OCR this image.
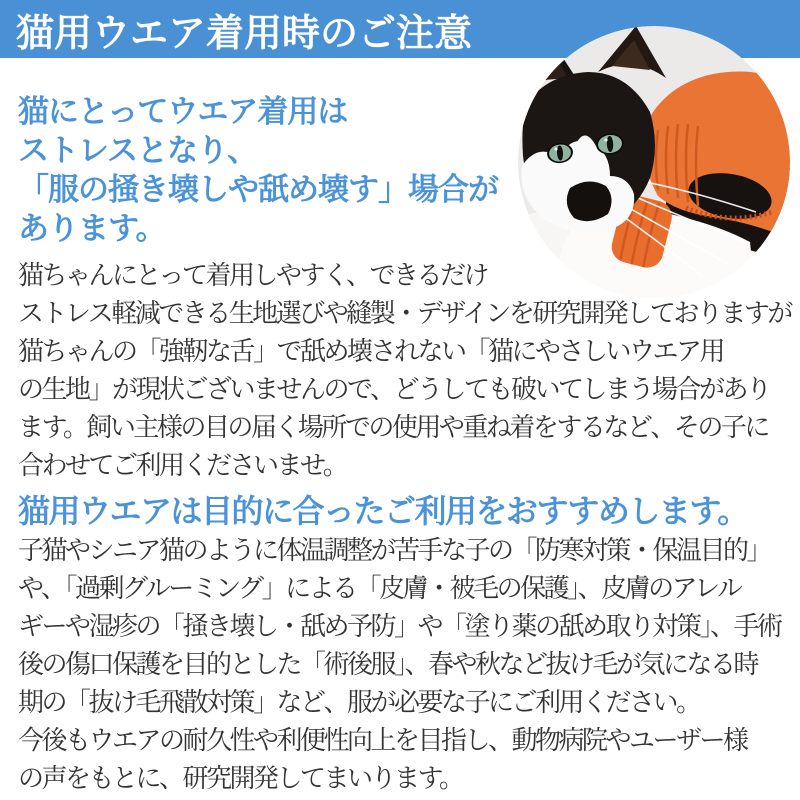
猫用ウエア着用時のご注意
猫にとってウエア着用は
ストレスとなり、
「服の掻き壊しや舐め壊す」場合が
あります。
猫ちゃんにとって着用しやすく、できるだけ
ストレス軽減できる生地選びや縫製・デザインを研究開発しておりますが
猫ちゃんの「強靭な舌」で舐め壊されない「猫にやさしいウエア用
の生地」が現状ございませんので、どうしても破いてしまう場合があり
ます。飼い主様の目の届く場所での使用や重ね着をするなど、その子に
合わせてご利用くださいませ。
猫用ウエアは目的に合ったご利用をおすすめします。
子猫やシニア猫のように体温調整が苦手な子の「防寒対策・保温目的」
や、「過剰グルーミング」による「皮膚・被毛の保護」、皮膚のアレル
ギーや湿疹の「掻き壊し・舐め予防」や「塗り薬の舐め取り対策」、手術
後の傷口保護を目的とした「術後服」、春や秋など抜け毛が気になる時
期の「抜け毛飛散対策」など、服が必要な子にご利用ください。
今後もウエアの耐久性や利便性向上を目指し、動物病院やユーザー様
の声をもとに、研究開発してまいります。
